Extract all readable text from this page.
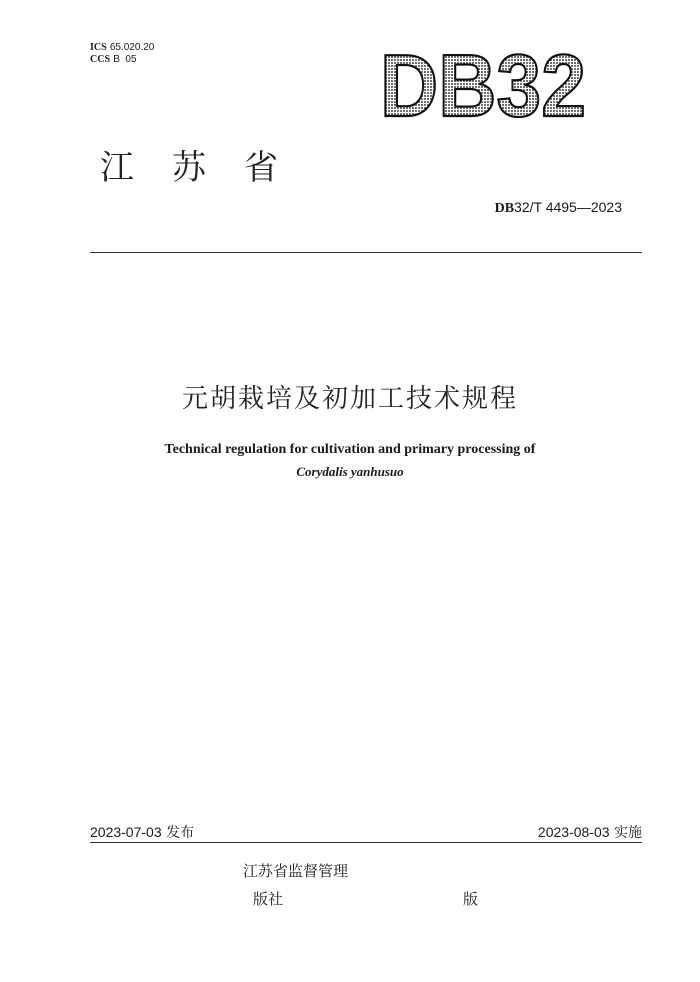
ICS 65.020.20
CCS B  05	DB32
江苏省
DB32/T 4495—2023
元胡栽培及初加工技术规程
Technical regulation for cultivation and primary processing of
Corydalis yanhusuo
2023-07-03 发布	2023-08-03 实施
江苏省监督管理
版社	版
